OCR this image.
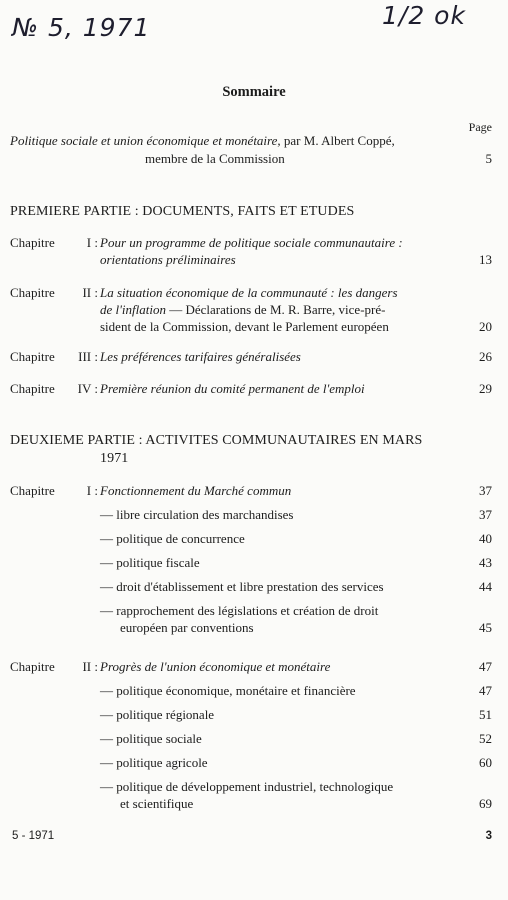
№ 5, 1971	1/2 ok
Sommaire
Page
Politique sociale et union économique et monétaire, par M. Albert Coppé,
membre de la Commission	5
PREMIERE PARTIE : DOCUMENTS, FAITS ET ETUDES
Chapitre	I : Pour un programme de politique sociale communautaire :
orientations préliminaires	13
Chapitre	II : La situation économique de la communauté : les dangers
de l'inflation — Déclarations de M. R. Barre, vice-pré-
sident de la Commission, devant le Parlement européen	20
Chapitre	III : Les préférences tarifaires généralisées	26
Chapitre	IV : Première réunion du comité permanent de l'emploi	29
DEUXIEME PARTIE : ACTIVITES COMMUNAUTAIRES EN MARS
1971
Chapitre	I : Fonctionnement du Marché commun	37
— libre circulation des marchandises	37
— politique de concurrence	40
— politique fiscale	43
— droit d'établissement et libre prestation des services	44
— rapprochement des législations et création de droit
européen par conventions	45
Chapitre	II : Progrès de l'union économique et monétaire	47
— politique économique, monétaire et financière	47
— politique régionale	51
— politique sociale	52
— politique agricole	60
— politique de développement industriel, technologique
et scientifique	69
5 - 1971	3
